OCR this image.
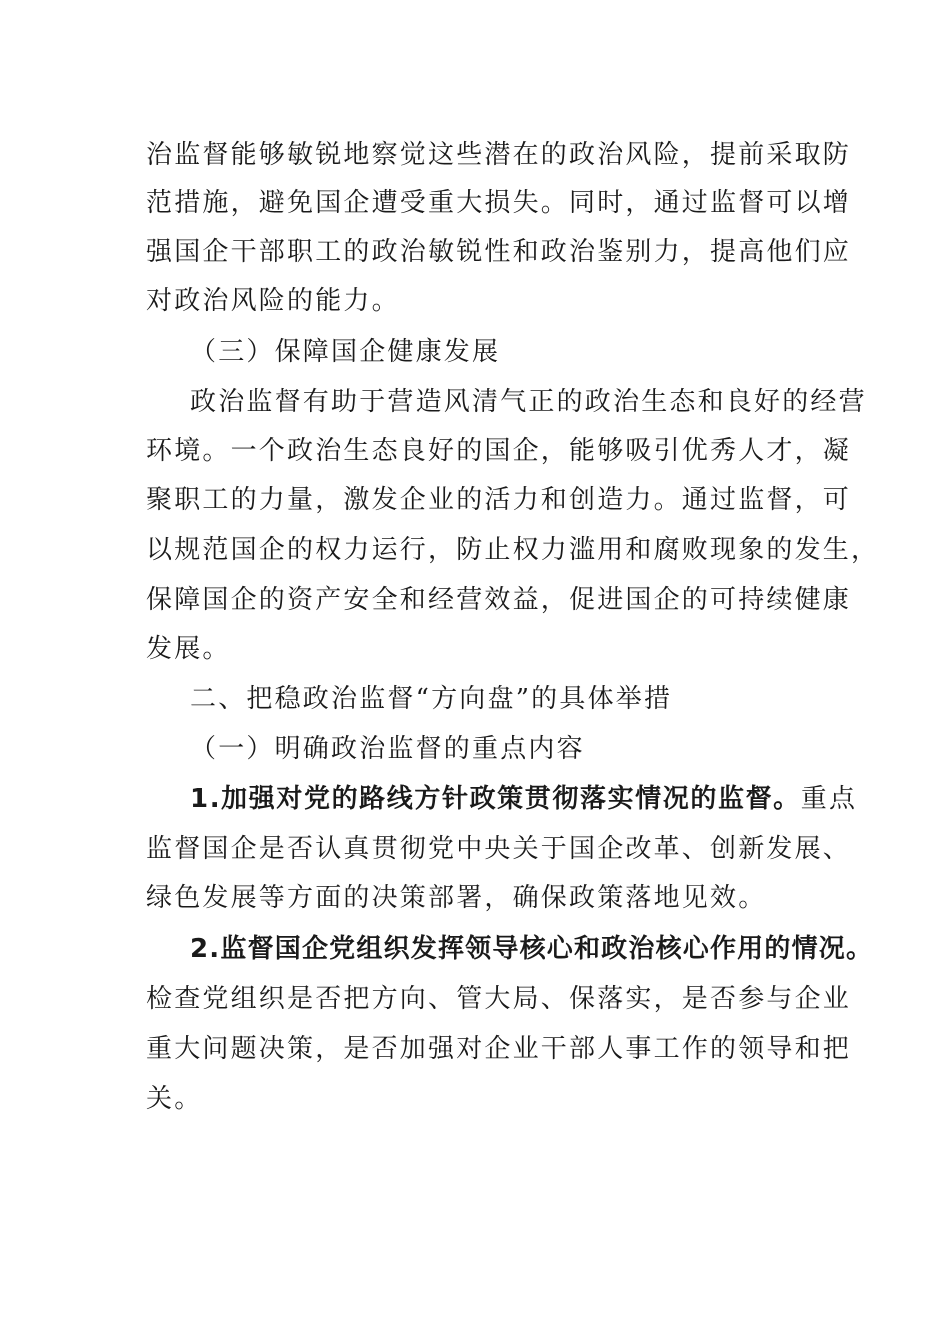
治监督能够敏锐地察觉这些潜在的政治风险，提前采取防
范措施，避免国企遭受重大损失。同时，通过监督可以增
强国企干部职工的政治敏锐性和政治鉴别力，提高他们应
对政治风险的能力。
（三）保障国企健康发展
政治监督有助于营造风清气正的政治生态和良好的经营
环境。一个政治生态良好的国企，能够吸引优秀人才，凝
聚职工的力量，激发企业的活力和创造力。通过监督，可
以规范国企的权力运行，防止权力滥用和腐败现象的发生，
保障国企的资产安全和经营效益，促进国企的可持续健康
发展。
二、把稳政治监督“方向盘”的具体举措
（一）明确政治监督的重点内容
1.加强对党的路线方针政策贯彻落实情况的监督。重点
监督国企是否认真贯彻党中央关于国企改革、创新发展、
绿色发展等方面的决策部署，确保政策落地见效。
2.监督国企党组织发挥领导核心和政治核心作用的情况。
检查党组织是否把方向、管大局、保落实，是否参与企业
重大问题决策，是否加强对企业干部人事工作的领导和把
关。
